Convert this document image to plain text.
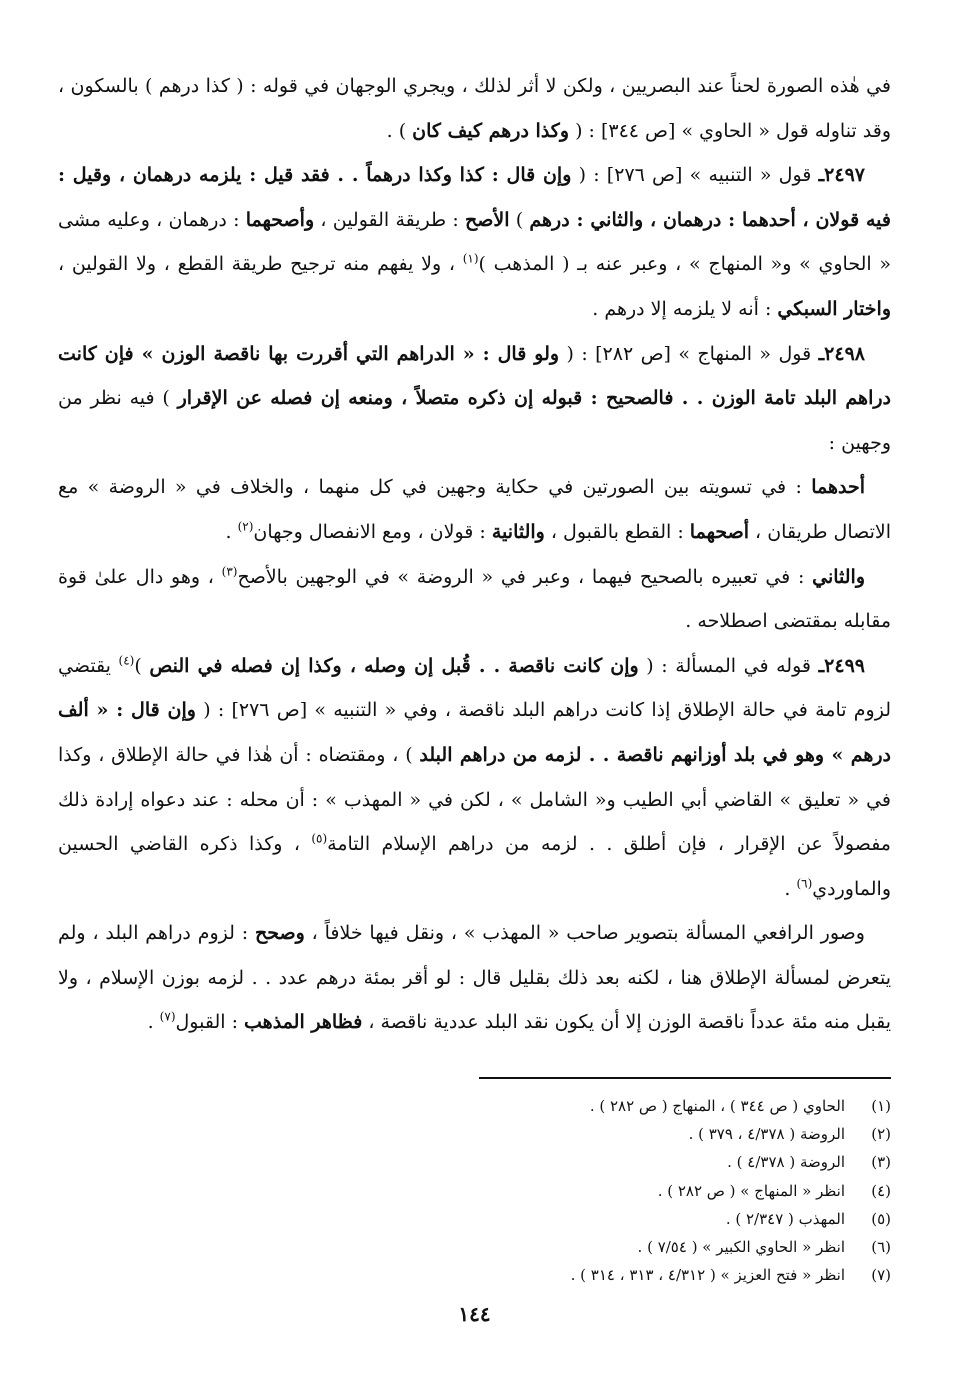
في هٰذه الصورة لحناً عند البصريين ، ولكن لا أثر لذلك ، ويجري الوجهان في قوله : ( كذا درهم ) بالسكون ، وقد تناوله قول « الحاوي » [ص ٣٤٤] : ( وكذا درهم كيف كان ) .

٢٤٩٧ـ قول « التنبيه » [ص ٢٧٦] : ( وإن قال : كذا وكذا درهماً . . فقد قيل : يلزمه درهمان ، وقيل : فيه قولان ، أحدهما : درهمان ، والثاني : درهم ) الأصح : طريقة القولين ، وأصحهما : درهمان ، وعليه مشى « الحاوي » و« المنهاج » ، وعبر عنه بـ ( المذهب )$^{(١)}$ ، ولا يفهم منه ترجيح طريقة القطع ، ولا القولين ، واختار السبكي : أنه لا يلزمه إلا درهم .

٢٤٩٨ـ قول « المنهاج » [ص ٢٨٢] : ( ولو قال : « الدراهم التي أقررت بها ناقصة الوزن » فإن كانت دراهم البلد تامة الوزن . . فالصحيح : قبوله إن ذكره متصلاً ، ومنعه إن فصله عن الإقرار ) فيه نظر من وجهين :

أحدهما : في تسويته بين الصورتين في حكاية وجهين في كل منهما ، والخلاف في « الروضة » مع الاتصال طريقان ، أصحهما : القطع بالقبول ، والثانية : قولان ، ومع الانفصال وجهان$^{(٢)}$ .

والثاني : في تعبيره بالصحيح فيهما ، وعبر في « الروضة » في الوجهين بالأصح$^{(٣)}$ ، وهو دال علىٰ قوة مقابله بمقتضى اصطلاحه .

٢٤٩٩ـ قوله في المسألة : ( وإن كانت ناقصة . . قُبل إن وصله ، وكذا إن فصله في النص )$^{(٤)}$ يقتضي لزوم تامة في حالة الإطلاق إذا كانت دراهم البلد ناقصة ، وفي « التنبيه » [ص ٢٧٦] : ( وإن قال : « ألف درهم » وهو في بلد أوزانهم ناقصة . . لزمه من دراهم البلد ) ، ومقتضاه : أن هٰذا في حالة الإطلاق ، وكذا في « تعليق » القاضي أبي الطيب و« الشامل » ، لكن في « المهذب » : أن محله : عند دعواه إرادة ذلك مفصولاً عن الإقرار ، فإن أطلق . . لزمه من دراهم الإسلام التامة$^{(٥)}$ ، وكذا ذكره القاضي الحسين والماوردي$^{(٦)}$ .

وصور الرافعي المسألة بتصوير صاحب « المهذب » ، ونقل فيها خلافاً ، وصحح : لزوم دراهم البلد ، ولم يتعرض لمسألة الإطلاق هنا ، لكنه بعد ذلك بقليل قال : لو أقر بمئة درهم عدد . . لزمه بوزن الإسلام ، ولا يقبل منه مئة عدداً ناقصة الوزن إلا أن يكون نقد البلد عددية ناقصة ، فظاهر المذهب : القبول$^{(٧)}$ .

(١)
الحاوي ( ص ٣٤٤ ) ، المنهاج ( ص ٢٨٢ ) .
(٢)
الروضة ( ٤/٣٧٨ ، ٣٧٩ ) .
(٣)
الروضة ( ٤/٣٧٨ ) .
(٤)
انظر « المنهاج » ( ص ٢٨٢ ) .
(٥)
المهذب ( ٢/٣٤٧ ) .
(٦)
انظر « الحاوي الكبير » ( ٧/٥٤ ) .
(٧)
انظر « فتح العزيز » ( ٤/٣١٢ ، ٣١٣ ، ٣١٤ ) .
١٤٤
